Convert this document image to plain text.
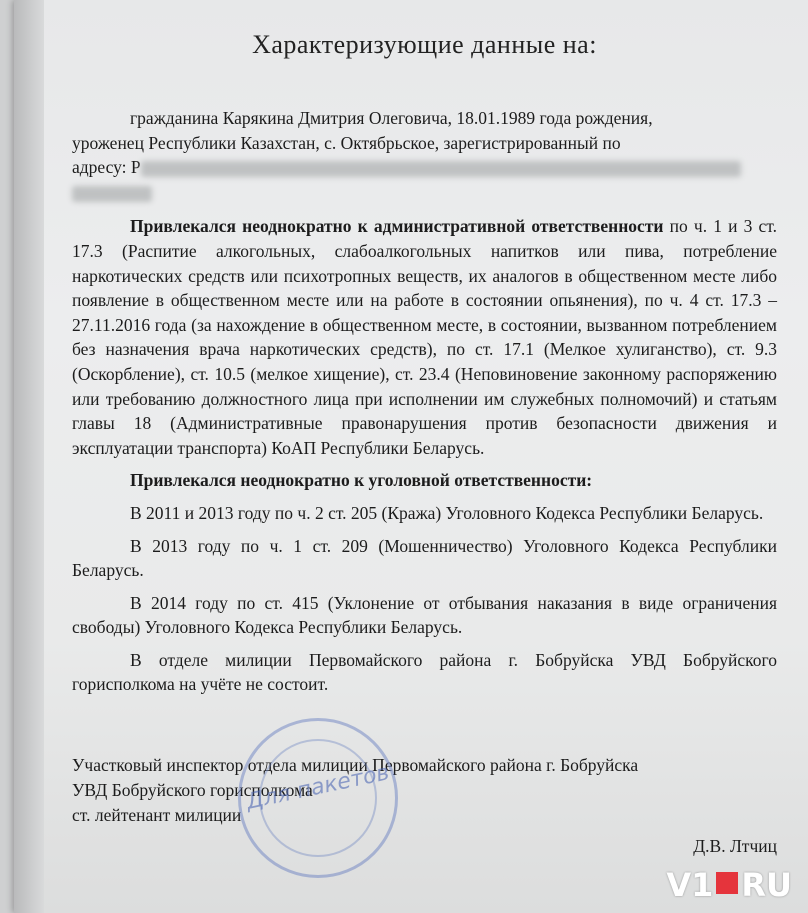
Характеризующие данные на:

гражданина Карякина Дмитрия Олеговича, 18.01.1989 года рождения,

уроженец Республики Казахстан, с. Октябрьское, зарегистрированный по

адресу: Р

Привлекался неоднократно к административной ответственности по ч. 1 и 3 ст. 17.3 (Распитие алкогольных, слабоалкогольных напитков или пива, потребление наркотических средств или психотропных веществ, их аналогов в общественном месте либо появление в общественном месте или на работе в состоянии опьянения), по ч. 4 ст. 17.3 – 27.11.2016 года (за нахождение в общественном месте, в состоянии, вызванном потреблением без назначения врача наркотических средств), по ст. 17.1 (Мелкое хулиганство), ст. 9.3 (Оскорбление), ст. 10.5 (мелкое хищение), ст. 23.4 (Неповиновение законному распоряжению или требованию должностного лица при исполнении им служебных полномочий) и статьям главы 18 (Административные правонарушения против безопасности движения и эксплуатации транспорта) КоАП Республики Беларусь.

Привлекался неоднократно к уголовной ответственности:

В 2011 и 2013 году по ч. 2 ст. 205 (Кража) Уголовного Кодекса Республики Беларусь.

В 2013 году по ч. 1 ст. 209 (Мошенничество) Уголовного Кодекса Республики Беларусь.

В 2014 году по ст. 415 (Уклонение от отбывания наказания в виде ограничения свободы) Уголовного Кодекса Республики Беларусь.

В отделе милиции Первомайского района г. Бобруйска УВД Бобруйского горисполкома на учёте не состоит.

Участковый инспектор отдела милиции Первомайского района г. Бобруйска
УВД Бобруйского горисполкома
ст. лейтенант милиции
Д.В. Лтчиц
Для пакетов
V1 RU
